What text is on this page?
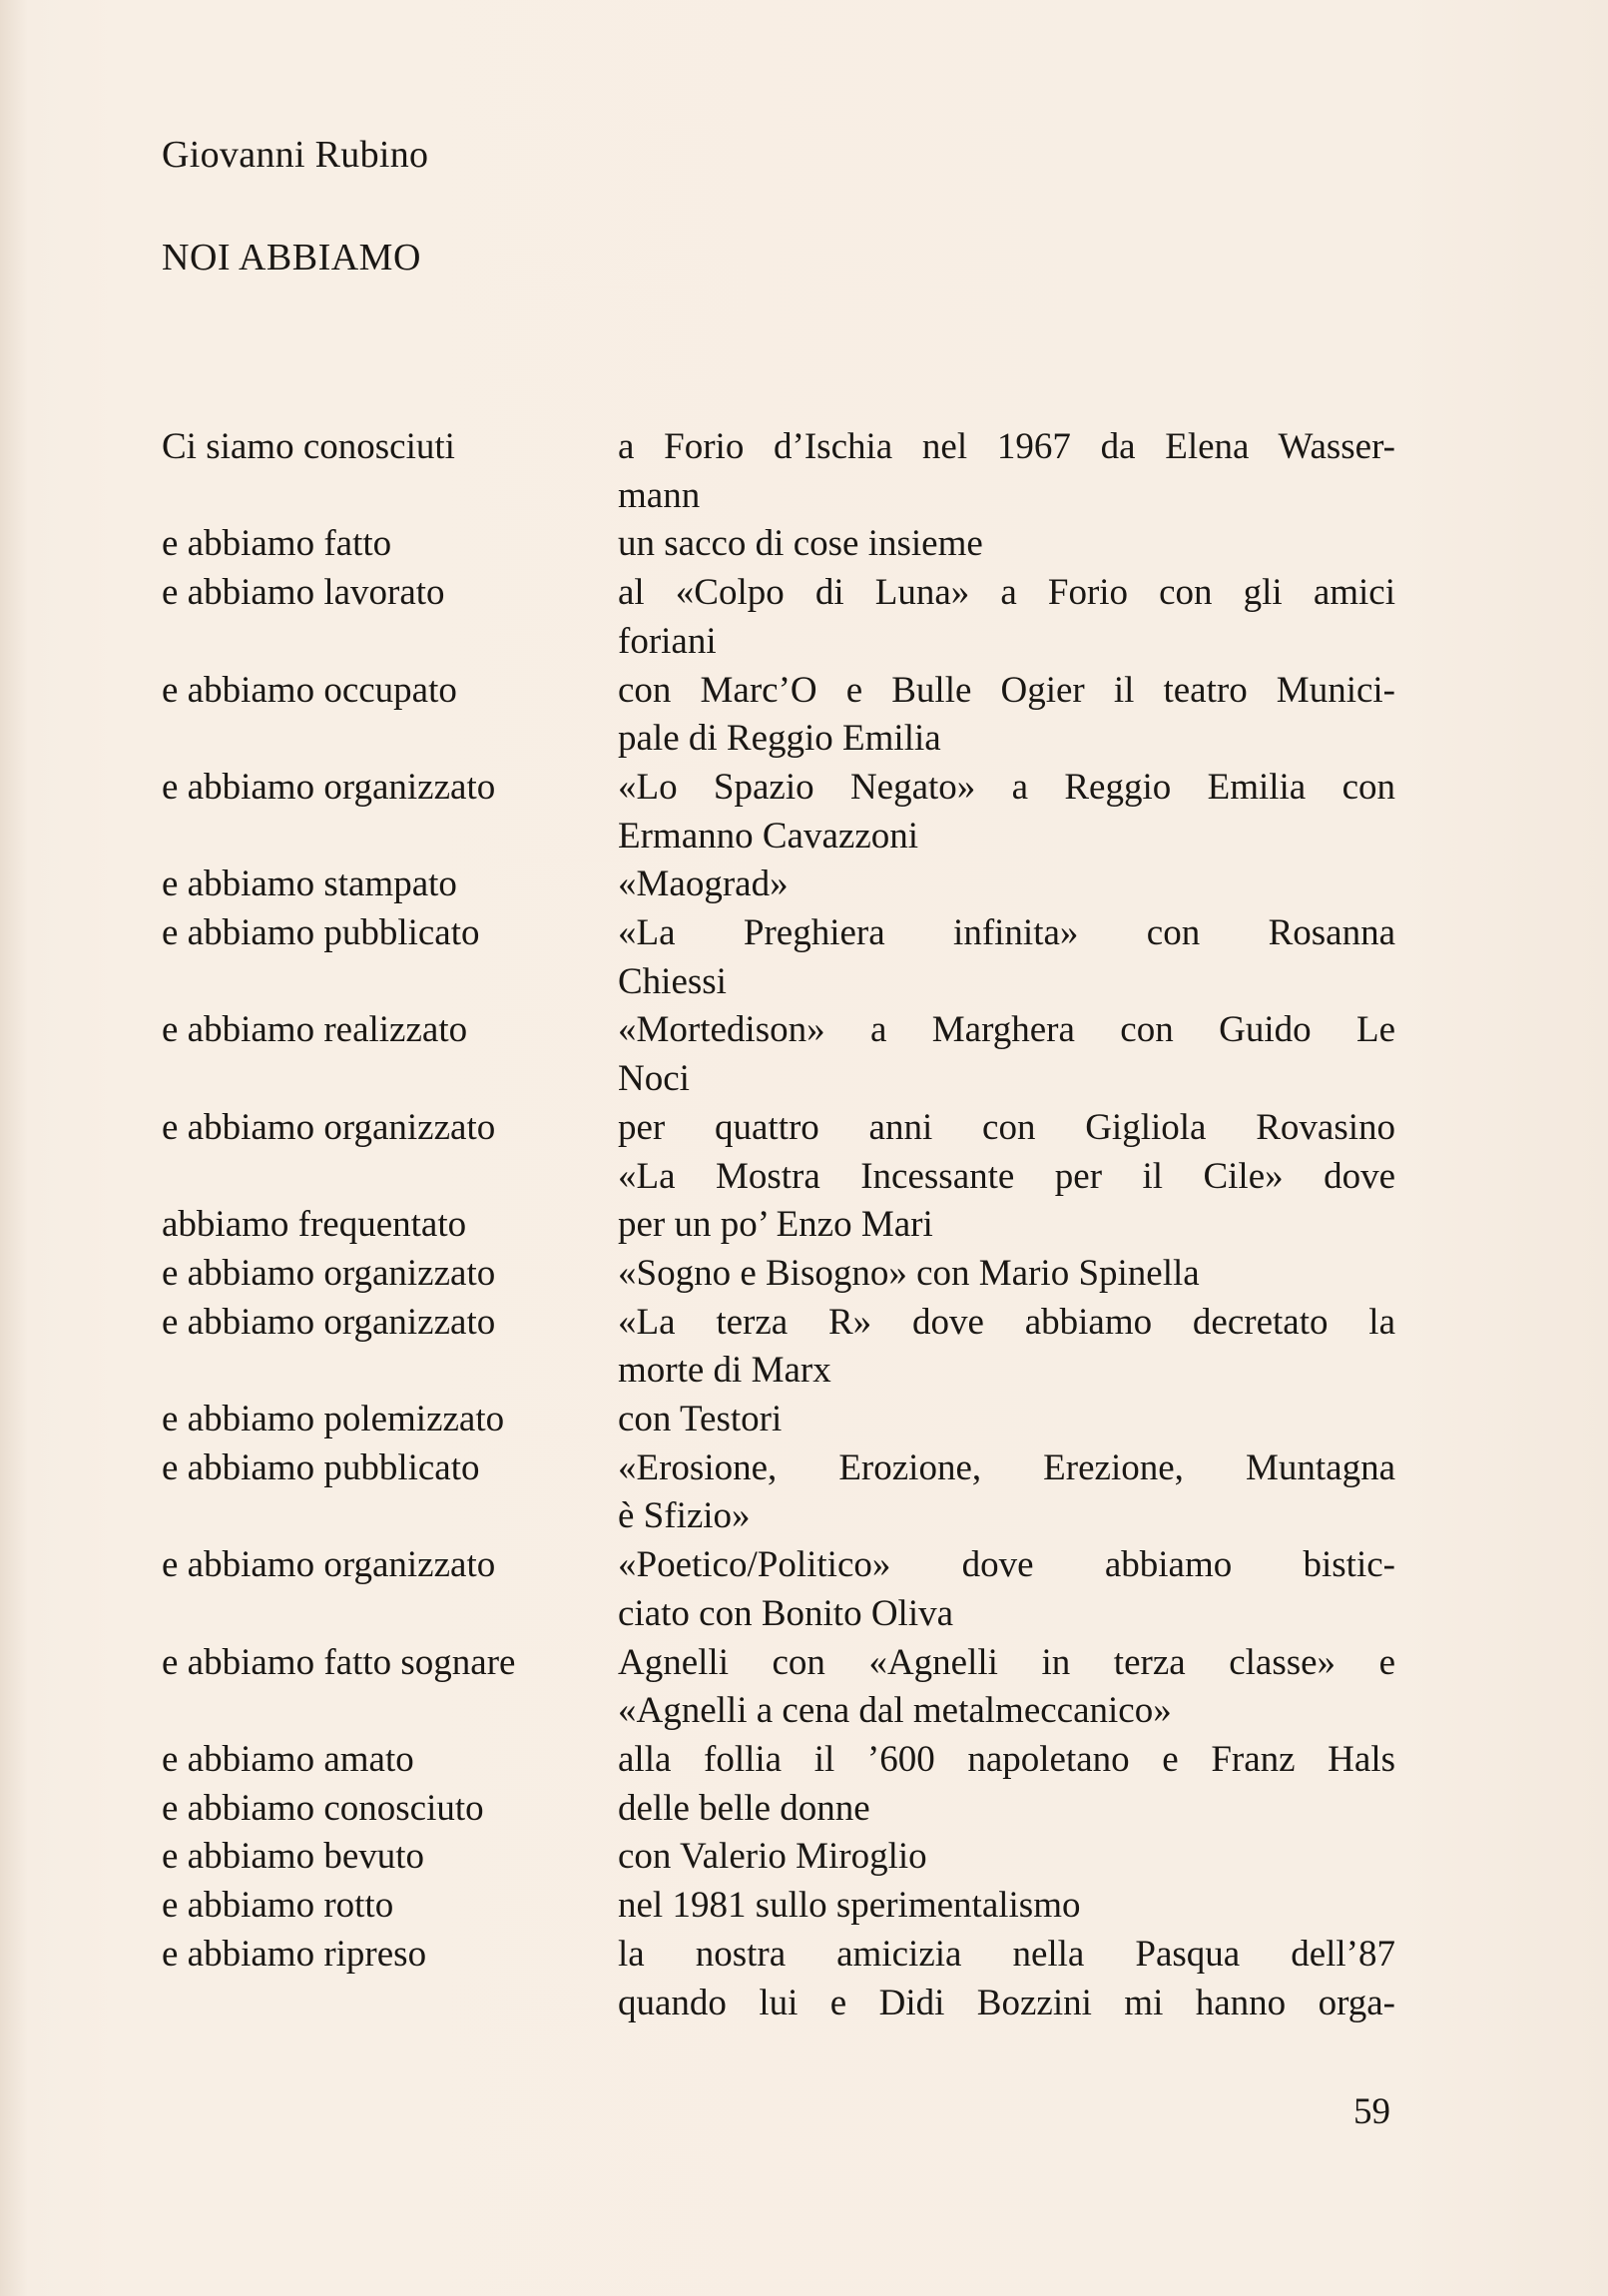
Giovanni Rubino
NOI ABBIAMO
Ci siamo conosciuti	a Forio d’Ischia nel 1967 da Elena Wasser-
mann
e abbiamo fatto	un sacco di cose insieme
e abbiamo lavorato	al «Colpo di Luna» a Forio con gli amici
foriani
e abbiamo occupato	con Marc’O e Bulle Ogier il teatro Munici-
pale di Reggio Emilia
e abbiamo organizzato	«Lo Spazio Negato» a Reggio Emilia con
Ermanno Cavazzoni
e abbiamo stampato	«Maograd»
e abbiamo pubblicato	«La Preghiera infinita» con Rosanna
Chiessi
e abbiamo realizzato	«Mortedison» a Marghera con Guido Le
Noci
e abbiamo organizzato	per quattro anni con Gigliola Rovasino
«La Mostra Incessante per il Cile» dove
abbiamo frequentato	per un po’ Enzo Mari
e abbiamo organizzato	«Sogno e Bisogno» con Mario Spinella
e abbiamo organizzato	«La terza R» dove abbiamo decretato la
morte di Marx
e abbiamo polemizzato	con Testori
e abbiamo pubblicato	«Erosione, Erozione, Erezione, Muntagna
è Sfizio»
e abbiamo organizzato	«Poetico/Politico» dove abbiamo bistic-
ciato con Bonito Oliva
e abbiamo fatto sognare	Agnelli con «Agnelli in terza classe» e
«Agnelli a cena dal metalmeccanico»
e abbiamo amato	alla follia il ’600 napoletano e Franz Hals
e abbiamo conosciuto	delle belle donne
e abbiamo bevuto	con Valerio Miroglio
e abbiamo rotto	nel 1981 sullo sperimentalismo
e abbiamo ripreso	la nostra amicizia nella Pasqua dell’87
quando lui e Didi Bozzini mi hanno orga-
59
